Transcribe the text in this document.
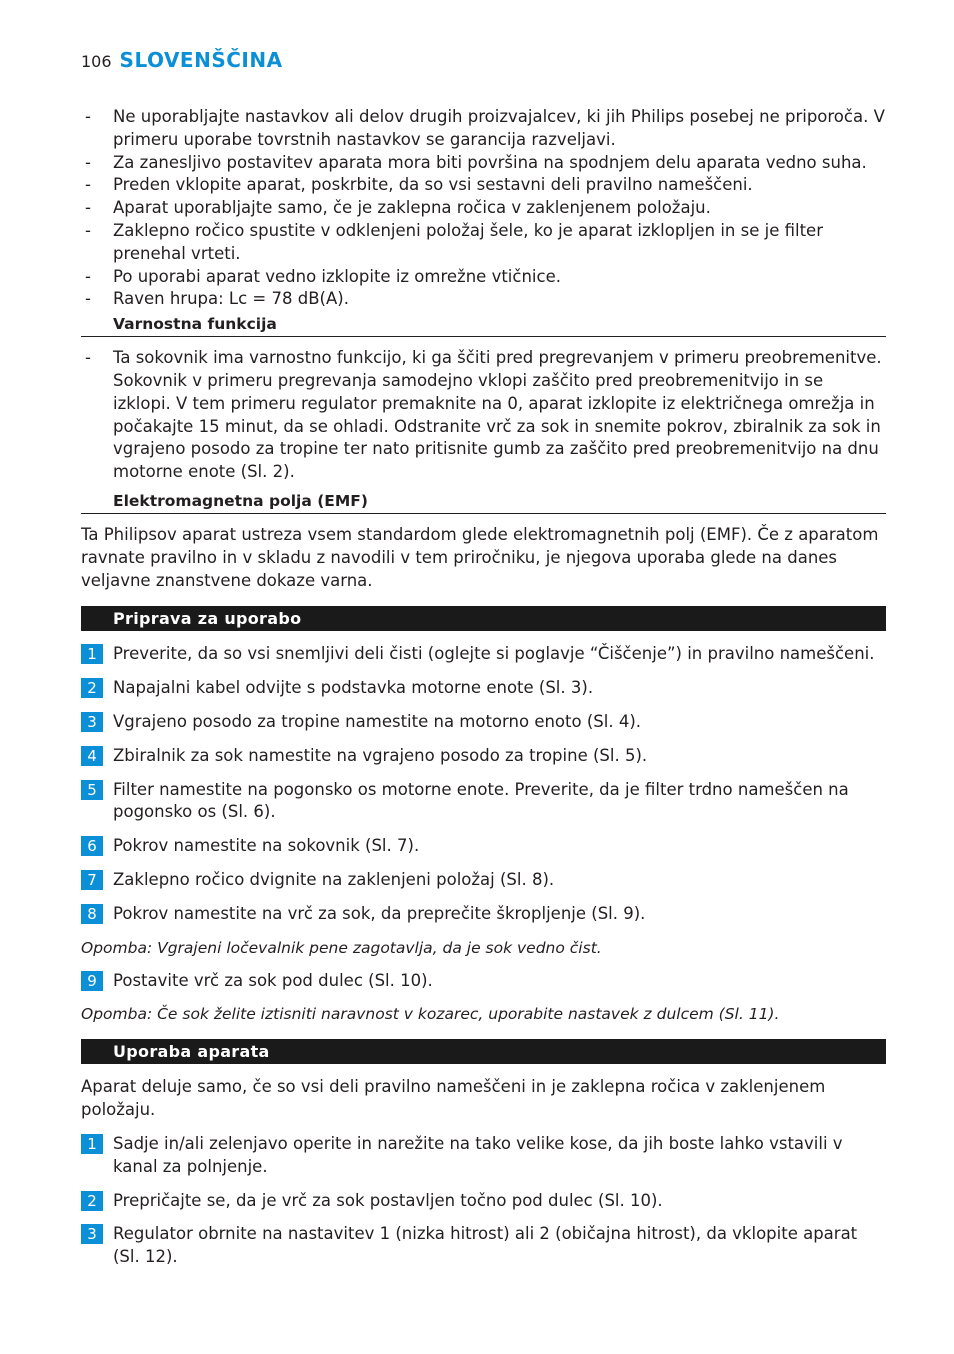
106 SLOVENŠČINA
- Ne uporabljajte nastavkov ali delov drugih proizvajalcev, ki jih Philips posebej ne priporoča. V primeru uporabe tovrstnih nastavkov se garancija razveljavi.
- Za zanesljivo postavitev aparata mora biti površina na spodnjem delu aparata vedno suha.
- Preden vklopite aparat, poskrbite, da so vsi sestavni deli pravilno nameščeni.
- Aparat uporabljajte samo, če je zaklepna ročica v zaklenjenem položaju.
- Zaklepno ročico spustite v odklenjeni položaj šele, ko je aparat izklopljen in se je filter prenehal vrteti.
- Po uporabi aparat vedno izklopite iz omrežne vtičnice.
- Raven hrupa: Lc = 78 dB(A).
Varnostna funkcija
- Ta sokovnik ima varnostno funkcijo, ki ga ščiti pred pregrevanjem v primeru preobremenitve. Sokovnik v primeru pregrevanja samodejno vklopi zaščito pred preobremenitvijo in se izklopi. V tem primeru regulator premaknite na 0, aparat izklopite iz električnega omrežja in počakajte 15 minut, da se ohladi. Odstranite vrč za sok in snemite pokrov, zbiralnik za sok in vgrajeno posodo za tropine ter nato pritisnite gumb za zaščito pred preobremenitvijo na dnu motorne enote (Sl. 2).
Elektromagnetna polja (EMF)

Ta Philipsov aparat ustreza vsem standardom glede elektromagnetnih polj (EMF). Če z aparatom ravnate pravilno in v skladu z navodili v tem priročniku, je njegova uporaba glede na danes veljavne znanstvene dokaze varna.

Priprava za uporabo
1 Preverite, da so vsi snemljivi deli čisti (oglejte si poglavje “Čiščenje”) in pravilno nameščeni.
2 Napajalni kabel odvijte s podstavka motorne enote (Sl. 3).
3 Vgrajeno posodo za tropine namestite na motorno enoto (Sl. 4).
4 Zbiralnik za sok namestite na vgrajeno posodo za tropine (Sl. 5).
5 Filter namestite na pogonsko os motorne enote. Preverite, da je filter trdno nameščen na pogonsko os (Sl. 6).
6 Pokrov namestite na sokovnik (Sl. 7).
7 Zaklepno ročico dvignite na zaklenjeni položaj (Sl. 8).
8 Pokrov namestite na vrč za sok, da preprečite škropljenje (Sl. 9).

Opomba: Vgrajeni ločevalnik pene zagotavlja, da je sok vedno čist.

9 Postavite vrč za sok pod dulec (Sl. 10).

Opomba: Če sok želite iztisniti naravnost v kozarec, uporabite nastavek z dulcem (Sl. 11).

Uporaba aparata

Aparat deluje samo, če so vsi deli pravilno nameščeni in je zaklepna ročica v zaklenjenem položaju.

1 Sadje in/ali zelenjavo operite in narežite na tako velike kose, da jih boste lahko vstavili v kanal za polnjenje.
2 Prepričajte se, da je vrč za sok postavljen točno pod dulec (Sl. 10).
3 Regulator obrnite na nastavitev 1 (nizka hitrost) ali 2 (običajna hitrost), da vklopite aparat (Sl. 12).
